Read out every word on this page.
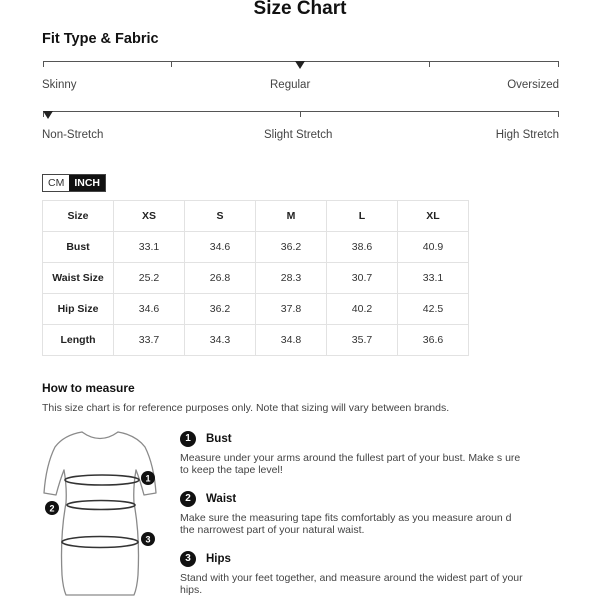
Size Chart
Fit Type & Fabric
Skinny	Regular	Oversized
Non-Stretch	Slight Stretch	High Stretch
CM INCH
Size	XS	S	M	L	XL
Bust	33.1	34.6	36.2	38.6	40.9
Waist Size	25.2	26.8	28.3	30.7	33.1
Hip Size	34.6	36.2	37.8	40.2	42.5
Length	33.7	34.3	34.8	35.7	36.6
How to measure
This size chart is for reference purposes only. Note that sizing will vary between brands.
1
2
3
1	Bust
Measure under your arms around the fullest part of your bust. Make s ure to keep the tape level!
2	Waist
Make sure the measuring tape fits comfortably as you measure aroun d the narrowest part of your natural waist.
3	Hips
Stand with your feet together, and measure around the widest part of your hips.
